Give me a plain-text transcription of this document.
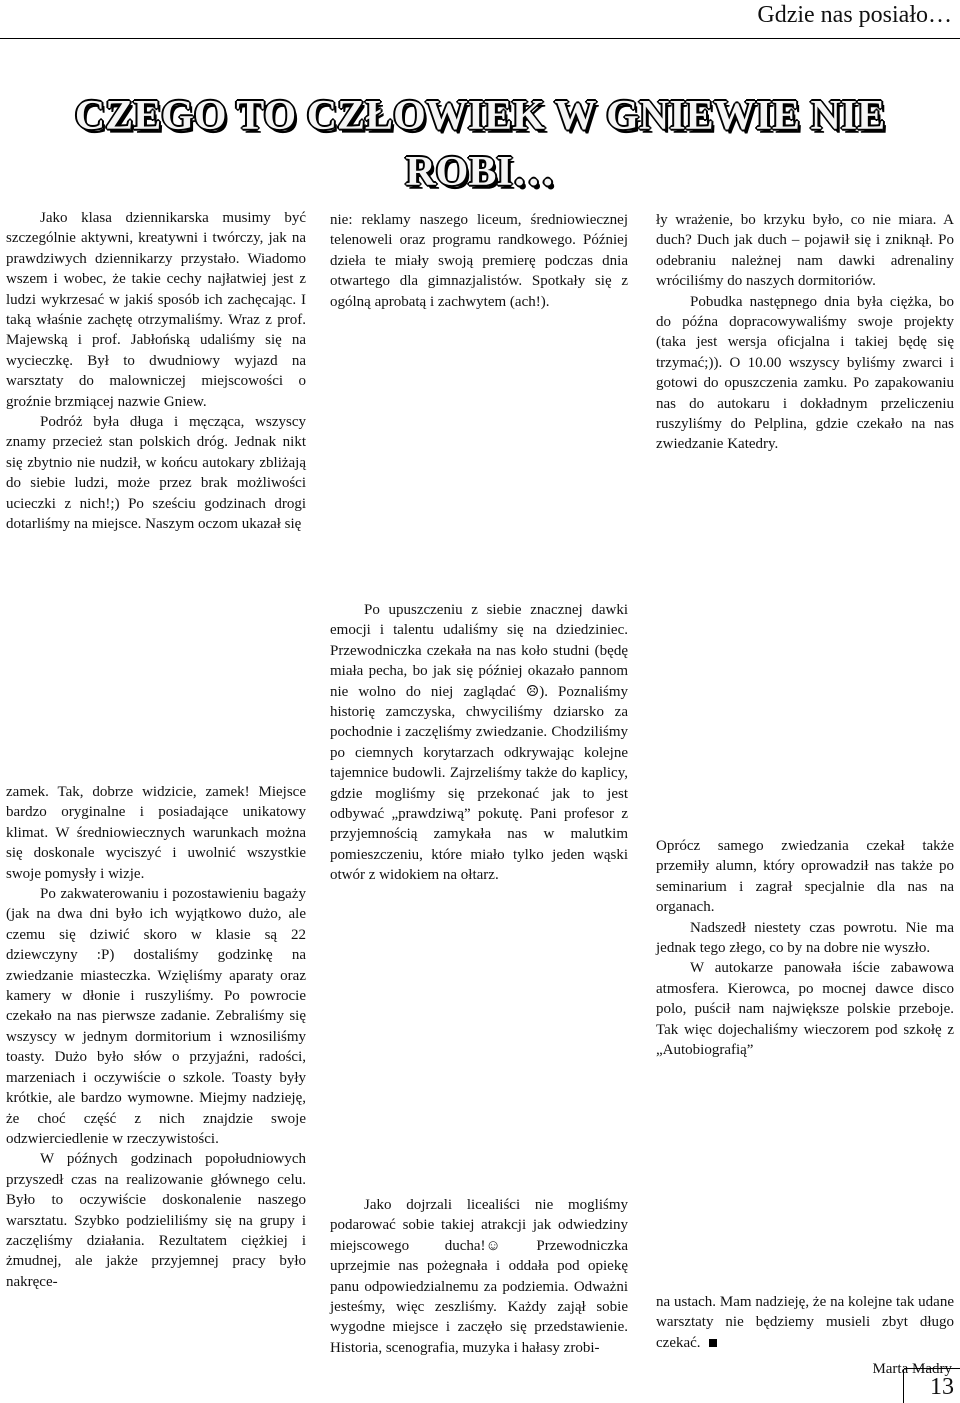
Gdzie nas posiało…
CZEGO TO CZŁOWIEK W GNIEWIE NIE
ROBI…

Jako klasa dziennikarska musimy być szczególnie aktywni, kreatywni i twórczy, jak na prawdziwych dziennikarzy przystało. Wiadomo wszem i wobec, że takie cechy najłatwiej jest z ludzi wykrzesać w jakiś sposób ich zachęcając. I taką właśnie zachętę otrzymaliśmy. Wraz z prof. Majewską i prof. Jabłońską udaliśmy się na wycieczkę. Był to dwudniowy wyjazd na warsztaty do malowniczej miejscowości o groźnie brzmiącej nazwie Gniew.

Podróż była długa i męcząca, wszyscy znamy przecież stan polskich dróg. Jednak nikt się zbytnio nie nudził, w końcu autokary zbliżają do siebie ludzi, może przez brak możliwości ucieczki z nich!;) Po sześciu godzinach drogi dotarliśmy na miejsce. Naszym oczom ukazał się

zamek. Tak, dobrze widzicie, zamek! Miejsce bardzo oryginalne i posiadające unikatowy klimat. W średniowiecznych warunkach można się doskonale wyciszyć i uwolnić wszystkie swoje pomysły i wizje.

Po zakwaterowaniu i pozostawieniu bagaży (jak na dwa dni było ich wyjątkowo dużo, ale czemu się dziwić skoro w klasie są 22 dziewczyny :P) dostaliśmy godzinkę na zwiedzanie miasteczka. Wzięliśmy aparaty oraz kamery w dłonie i ruszyliśmy. Po powrocie czekało na nas pierwsze zadanie. Zebraliśmy się wszyscy w jednym dormitorium i wznosiliśmy toasty. Dużo było słów o przyjaźni, radości, marzeniach i oczywiście o szkole. Toasty były krótkie, ale bardzo wymowne. Miejmy nadzieję, że choć część z nich znajdzie swoje odzwierciedlenie w rzeczywistości.

W późnych godzinach popołudniowych przyszedł czas na realizowanie głównego celu. Było to oczywiście doskonalenie naszego warsztatu. Szybko podzieliliśmy się na grupy i zaczęliśmy działania. Rezultatem ciężkiej i żmudnej, ale jakże przyjemnej pracy było nakręce-

nie: reklamy naszego liceum, średniowiecznej telenoweli oraz programu randkowego. Później dzieła te miały swoją premierę podczas dnia otwartego dla gimnazjalistów. Spotkały się z ogólną aprobatą i zachwytem (ach!).

Po upuszczeniu z siebie znacznej dawki emocji i talentu udaliśmy się na dziedziniec. Przewodniczka czekała na nas koło studni (będę miała pecha, bo jak się później okazało pannom nie wolno do niej zaglądać ☹). Poznaliśmy historię zamczyska, chwyciliśmy dziarsko za pochodnie i zaczęliśmy zwiedzanie. Chodziliśmy po ciemnych korytarzach odkrywając kolejne tajemnice budowli. Zajrzeliśmy także do kaplicy, gdzie mogliśmy się przekonać jak to jest odbywać „prawdziwą” pokutę. Pani profesor z przyjemnością zamykała nas w malutkim pomieszczeniu, które miało tylko jeden wąski otwór z widokiem na ołtarz.

Jako dojrzali licealiści nie mogliśmy podarować sobie takiej atrakcji jak odwiedziny miejscowego ducha!☺ Przewodniczka uprzejmie nas pożegnała i oddała pod opiekę panu odpowiedzialnemu za podziemia. Odważni jesteśmy, więc zeszliśmy. Każdy zajął sobie wygodne miejsce i zaczęło się przedstawienie. Historia, scenografia, muzyka i hałasy zrobi-

ły wrażenie, bo krzyku było, co nie miara. A duch? Duch jak duch – pojawił się i zniknął. Po odebraniu należnej nam dawki adrenaliny wróciliśmy do naszych dormitoriów.

Pobudka następnego dnia była ciężka, bo do późna dopracowywaliśmy swoje projekty (taka jest wersja oficjalna i takiej będę się trzymać;)). O 10.00 wszyscy byliśmy zwarci i gotowi do opuszczenia zamku. Po zapakowaniu nas do autokaru i dokładnym przeliczeniu ruszyliśmy do Pelplina, gdzie czekało na nas zwiedzanie Katedry.

Oprócz samego zwiedzania czekał także przemiły alumn, który oprowadził nas także po seminarium i zagrał specjalnie dla nas na organach.

Nadszedł niestety czas powrotu. Nie ma jednak tego złego, co by na dobre nie wyszło.

W autokarze panowała iście zabawowa atmosfera. Kierowca, po mocnej dawce disco polo, puścił nam największe polskie przeboje. Tak więc dojechaliśmy wieczorem pod szkołę z „Autobiografią”

na ustach. Mam nadzieję, że na kolejne tak udane warsztaty nie będziemy musieli zbyt długo czekać.

Marta Madry

13
